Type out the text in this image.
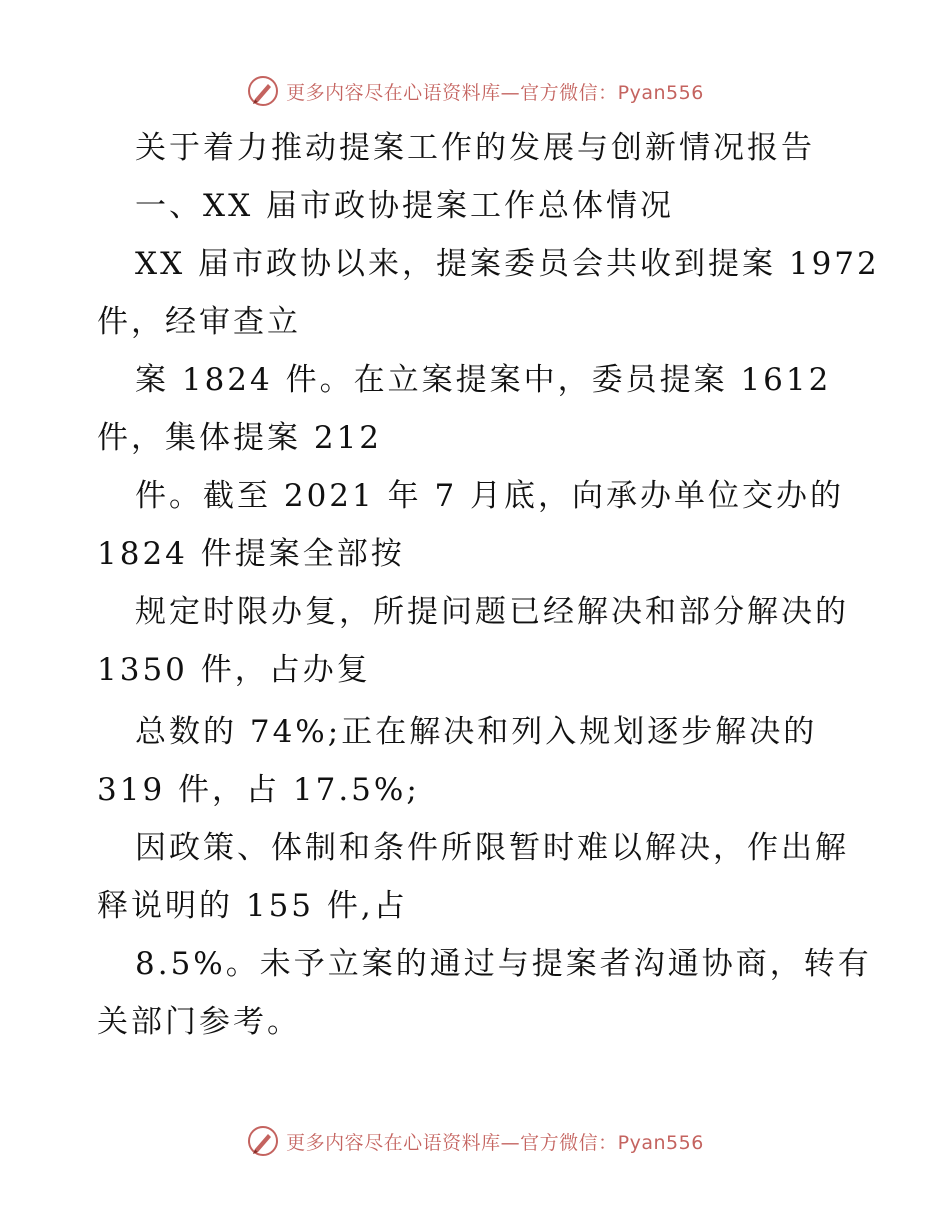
更多内容尽在心语资料库—官方微信：Pyan556
关于着力推动提案工作的发展与创新情况报告
一、XX 届市政协提案工作总体情况
XX 届市政协以来，提案委员会共收到提案 1972
件，经审查立
案 1824 件。在立案提案中，委员提案 1612
件，集体提案 212
件。截至 2021 年 7 月底，向承办单位交办的
1824 件提案全部按
规定时限办复，所提问题已经解决和部分解决的
1350 件，占办复
总数的 74%;正在解决和列入规划逐步解决的
319 件，占 17.5%;
因政策、体制和条件所限暂时难以解决，作出解
释说明的 155 件,占
8.5%。未予立案的通过与提案者沟通协商，转有
关部门参考。
更多内容尽在心语资料库—官方微信：Pyan556
